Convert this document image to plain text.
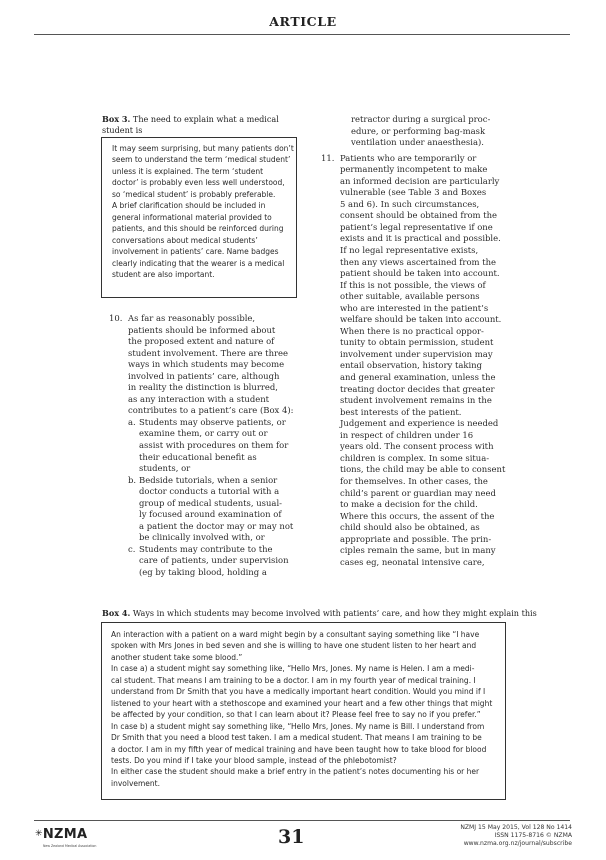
ARTICLE
Box 3. The need to explain what a medical
student is

It may seem surprising, but many patients don’t

seem to understand the term ‘medical student’

unless it is explained. The term ‘student

doctor’ is probably even less well understood,

so ‘medical student’ is probably preferable.

A brief clarification should be included in

general informational material provided to

patients, and this should be reinforced during

conversations about medical students’

involvement in patients’ care. Name badges

clearly indicating that the wearer is a medical

student are also important.

10. As far as reasonably possible,
patients should be informed about
the proposed extent and nature of
student involvement. There are three
ways in which students may become
involved in patients’ care, although
in reality the distinction is blurred,
as any interaction with a student
contributes to a patient’s care (Box 4):
a. Students may observe patients, or
examine them, or carry out or
assist with procedures on them for
their educational benefit as
students, or
b. Bedside tutorials, when a senior
doctor conducts a tutorial with a
group of medical students, usual-
ly focused around examination of
a patient the doctor may or may not
be clinically involved with, or
c. Students may contribute to the
care of patients, under supervision
(eg by taking blood, holding a
retractor during a surgical proc-
edure, or performing bag-mask
ventilation under anaesthesia).
11. Patients who are temporarily or
permanently incompetent to make
an informed decision are particularly
vulnerable (see Table 3 and Boxes
5 and 6). In such circumstances,
consent should be obtained from the
patient’s legal representative if one
exists and it is practical and possible.
If no legal representative exists,
then any views ascertained from the
patient should be taken into account.
If this is not possible, the views of
other suitable, available persons
who are interested in the patient’s
welfare should be taken into account.
When there is no practical oppor-
tunity to obtain permission, student
involvement under supervision may
entail observation, history taking
and general examination, unless the
treating doctor decides that greater
student involvement remains in the
best interests of the patient.
Judgement and experience is needed
in respect of children under 16
years old. The consent process with
children is complex. In some situa-
tions, the child may be able to consent
for themselves. In other cases, the
child’s parent or guardian may need
to make a decision for the child.
Where this occurs, the assent of the
child should also be obtained, as
appropriate and possible. The prin-
ciples remain the same, but in many
cases eg, neonatal intensive care,
Box 4. Ways in which students may become involved with patients’ care, and how they might explain this

An interaction with a patient on a ward might begin by a consultant saying something like “I have

spoken with Mrs Jones in bed seven and she is willing to have one student listen to her heart and

another student take some blood.”

In case a) a student might say something like, “Hello Mrs, Jones. My name is Helen. I am a medi-

cal student. That means I am training to be a doctor. I am in my fourth year of medical training. I

understand from Dr Smith that you have a medically important heart condition. Would you mind if I

listened to your heart with a stethoscope and examined your heart and a few other things that might

be affected by your condition, so that I can learn about it? Please feel free to say no if you prefer.”

In case b) a student might say something like, “Hello Mrs, Jones. My name is Bill. I understand from

Dr Smith that you need a blood test taken. I am a medical student. That means I am training to be

a doctor. I am in my fifth year of medical training and have been taught how to take blood for blood

tests. Do you mind if I take your blood sample, instead of the phlebotomist?

In either case the student should make a brief entry in the patient’s notes documenting his or her

involvement.

✳NZMA
New Zealand Medical Association	31	NZMJ 15 May 2015, Vol 128 No 1414
ISSN 1175-8716 © NZMA
www.nzma.org.nz/journal/subscribe
